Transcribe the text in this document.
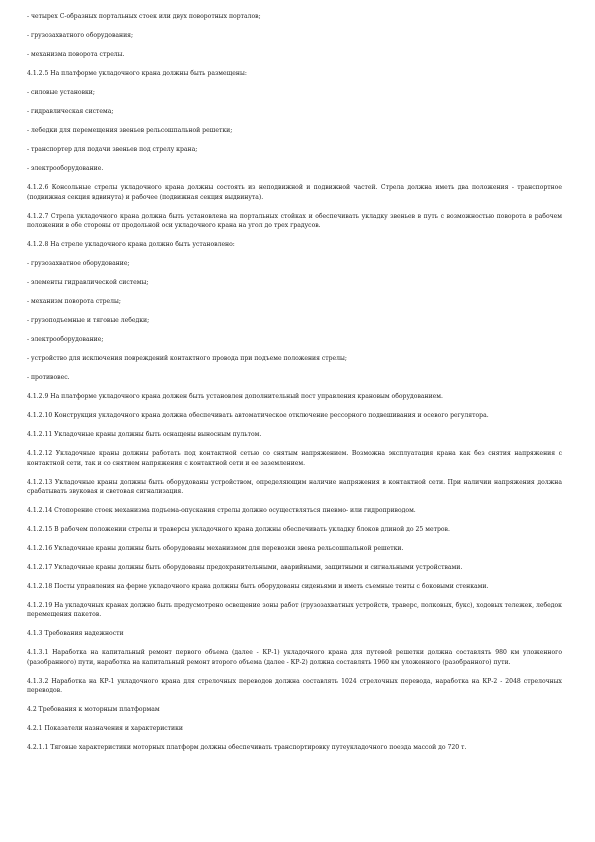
- четырех С-образных портальных стоек или двух поворотных порталов;

- грузозахватного оборудования;

- механизма поворота стрелы.

4.1.2.5 На платформе укладочного крана должны быть размещены:

- силовые установки;

- гидравлическая система;

- лебедки для перемещения звеньев рельсошпальной решетки;

- транспортер для подачи звеньев под стрелу крана;

- электрооборудование.

4.1.2.6 Консольные стрелы укладочного крана должны состоять из неподвижной и подвижной частей. Стрела должна иметь два положения - транспортное (подвижная секция вдвинута) и рабочее (подвижная секция выдвинута).

4.1.2.7 Стрела укладочного крана должна быть установлена на портальных стойках и обеспечивать укладку звеньев в путь с возможностью поворота в рабочем положении в обе стороны от продольной оси укладочного крана на угол до трех градусов.

4.1.2.8 На стреле укладочного крана должно быть установлено:

- грузозахватное оборудование;

- элементы гидравлической системы;

- механизм поворота стрелы;

- грузоподъемные и тяговые лебедки;

- электрооборудование;

- устройство для исключения повреждений контактного провода при подъеме положения стрелы;

- противовес.

4.1.2.9 На платформе укладочного крана должен быть установлен дополнительный пост управления крановым оборудованием.

4.1.2.10 Конструкция укладочного крана должна обеспечивать автоматическое отключение рессорного подвешивания и осевого регулятора.

4.1.2.11 Укладочные краны должны быть оснащены выносным пультом.

4.1.2.12 Укладочные краны должны работать под контактной сетью со снятым напряжением. Возможна эксплуатация крана как без снятия напряжения с контактной сети, так и со снятием напряжения с контактной сети и ее заземлением.

4.1.2.13 Укладочные краны должны быть оборудованы устройством, определяющим наличие напряжения в контактной сети. При наличии напряжения должна срабатывать звуковая и световая сигнализация.

4.1.2.14 Стопорение стоек механизма подъема-опускания стрелы должно осуществляться пневмо- или гидроприводом.

4.1.2.15 В рабочем положении стрелы и траверсы укладочного крана должны обеспечивать укладку блоков длиной до 25 метров.

4.1.2.16 Укладочные краны должны быть оборудованы механизмом для перевозки звена рельсошпальной решетки.

4.1.2.17 Укладочные краны должны быть оборудованы предохранительными, аварийными, защитными и сигнальными устройствами.

4.1.2.18 Посты управления на ферме укладочного крана должны быть оборудованы сиденьями и иметь съемные тенты с боковыми стенками.

4.1.2.19 На укладочных кранах должно быть предусмотрено освещение зоны работ (грузозахватных устройств, траверс, полковых, букс), ходовых тележек, лебедок перемещения пакетов.

4.1.3 Требования надежности

4.1.3.1 Наработка на капитальный ремонт первого объема (далее - КР-1) укладочного крана для путевой решетки должна составлять 980 км уложенного (разобранного) пути, наработка на капитальный ремонт второго объема (далее - КР-2) должна составлять 1960 км уложенного (разобранного) пути.

4.1.3.2 Наработка на КР-1 укладочного крана для стрелочных переводов должна составлять 1024 стрелочных перевода, наработка на КР-2 - 2048 стрелочных переводов.

4.2 Требования к моторным платформам

4.2.1 Показатели назначения и характеристики

4.2.1.1 Тяговые характеристики моторных платформ должны обеспечивать транспортировку путеукладочного поезда массой до 720 т.
